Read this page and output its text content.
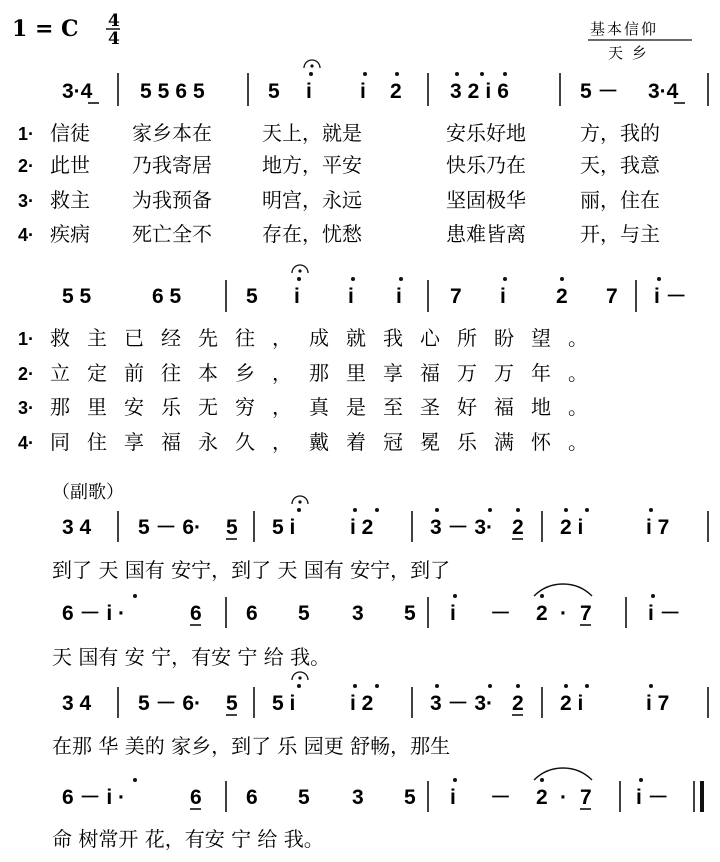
1 = C 4
4	基本信仰
天 乡
3·4 5565	5 i i 2 32i6	5 － 3·4
1· 信徒 家乡本在	天上，就是	安乐好地	方，我的
2· 此世 乃我寄居	地方，平安	快乐乃在	天，我意
3· 救主 为我预备	明宫，永远	坚固极华	丽，住在
4· 疾病 死亡全不	存在，忧愁	患难皆离	开，与主
5 5	6 5	5 i i i 7 i 2 7 i －
1· 救主已经先往，成就我心所盼望。
2· 立定前往本乡，那里享福万万年。
3· 那里安乐无穷，真是至圣好福地。
4· 同住享福永久，戴着冠冕乐满怀。
（副歌）
3 4 5 － 6· 5 5 i	i 2	3 － 3· 2 2 i	i 7
到了 天 国有 安宁，到了 天 国有 安宁，到了
6 － i ·	6 6 5 3 5 i － 2 · 7	i －
天 国有 安 宁，有安 宁 给 我。
3 4 5 － 6· 5 5 i	i 2	3 － 3· 2 2 i	i 7
在那 华 美的 家乡，到了 乐 园更 舒畅，那生
6 － i ·	6 6 5 3 5 i － 2 · 7 i －
命 树常开 花，有安 宁 给 我。
